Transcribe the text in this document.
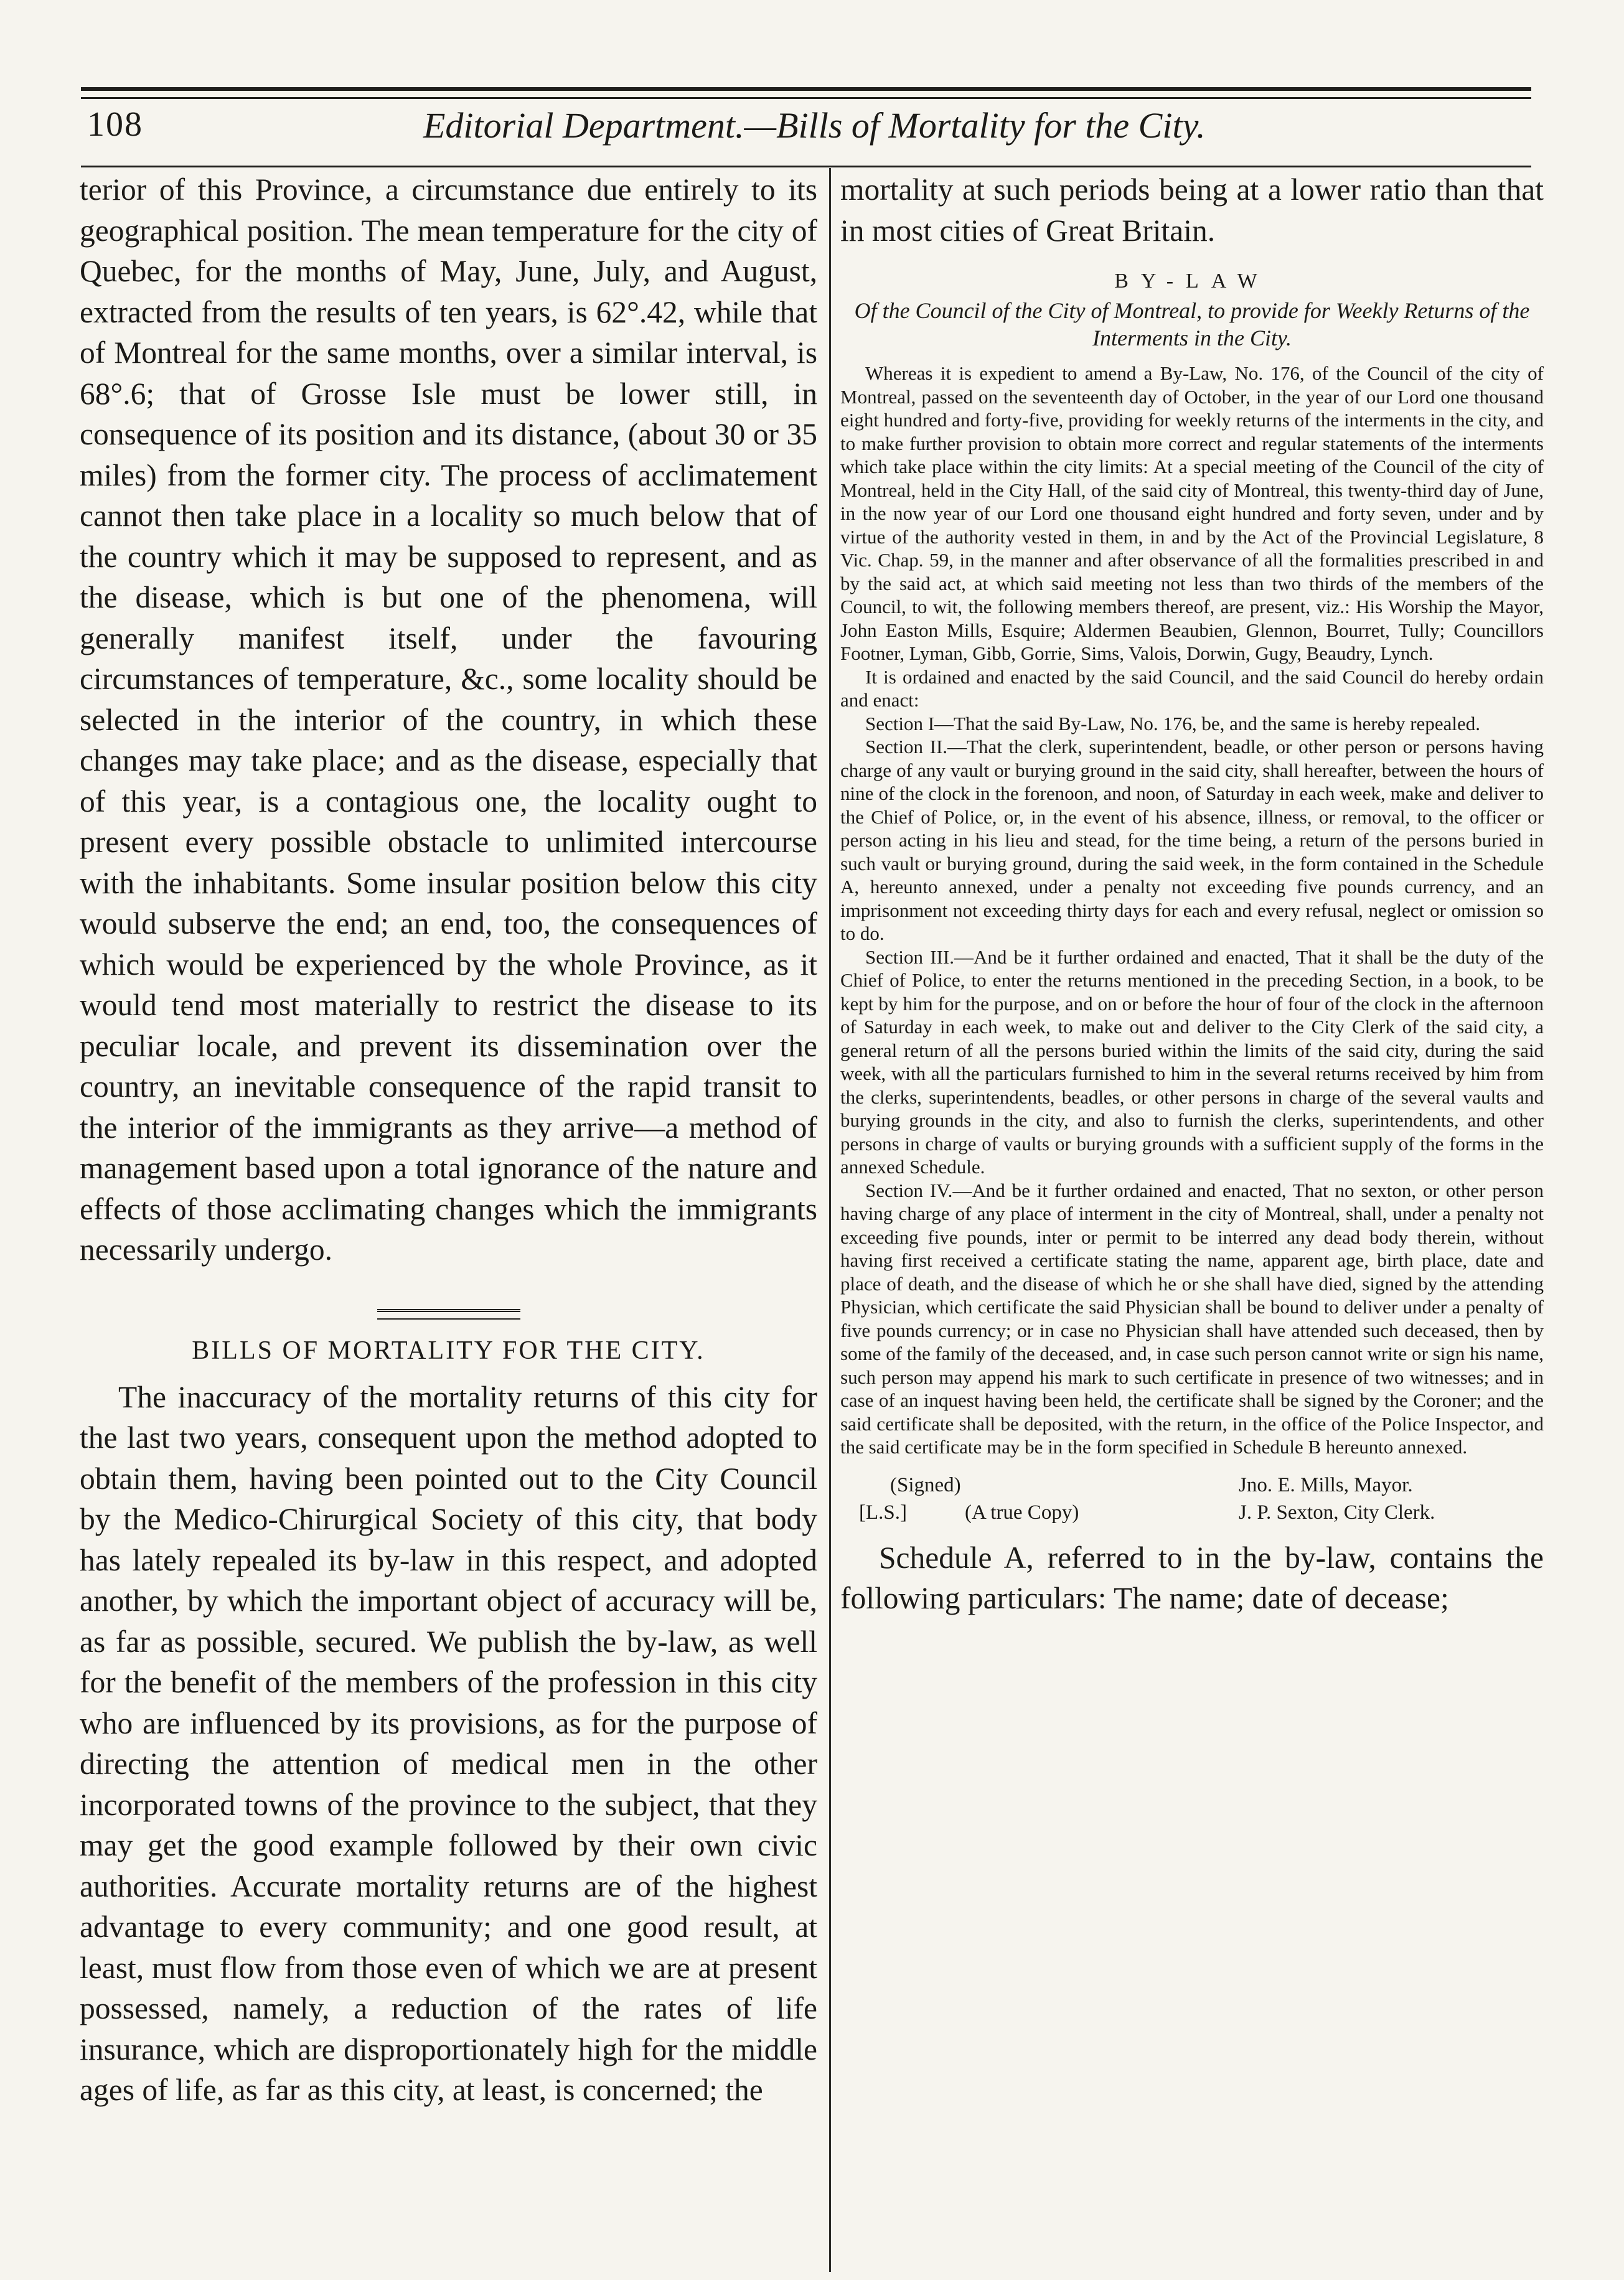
108	Editorial Department.—Bills of Mortality for the City.

terior of this Province, a circumstance due entirely to its geographical position. The mean temperature for the city of Quebec, for the months of May, June, July, and August, extracted from the results of ten years, is 62°.42, while that of Montreal for the same months, over a similar interval, is 68°.6; that of Grosse Isle must be lower still, in consequence of its position and its distance, (about 30 or 35 miles) from the former city. The process of acclimatement cannot then take place in a locality so much below that of the country which it may be supposed to represent, and as the disease, which is but one of the phenomena, will generally manifest itself, under the favouring circumstances of temperature, &c., some locality should be selected in the interior of the country, in which these changes may take place; and as the disease, especially that of this year, is a contagious one, the locality ought to present every possible obstacle to unlimited intercourse with the inhabitants. Some insular position below this city would subserve the end; an end, too, the consequences of which would be experienced by the whole Province, as it would tend most materially to restrict the disease to its peculiar locale, and prevent its dissemination over the country, an inevitable consequence of the rapid transit to the interior of the immigrants as they arrive—a method of management based upon a total ignorance of the nature and effects of those acclimating changes which the immigrants necessarily undergo.

BILLS OF MORTALITY FOR THE CITY.

The inaccuracy of the mortality returns of this city for the last two years, consequent upon the method adopted to obtain them, having been pointed out to the City Council by the Medico-Chirurgical Society of this city, that body has lately repealed its by-law in this respect, and adopted another, by which the important object of accuracy will be, as far as possible, secured. We publish the by-law, as well for the benefit of the members of the profession in this city who are influenced by its provisions, as for the purpose of directing the attention of medical men in the other incorporated towns of the province to the subject, that they may get the good example followed by their own civic authorities. Accurate mortality returns are of the highest advantage to every community; and one good result, at least, must flow from those even of which we are at present possessed, namely, a reduction of the rates of life insurance, which are disproportionately high for the middle ages of life, as far as this city, at least, is concerned; the

mortality at such periods being at a lower ratio than that in most cities of Great Britain.

BY-LAW
Of the Council of the City of Montreal, to provide for Weekly Returns of the Interments in the City.

Whereas it is expedient to amend a By-Law, No. 176, of the Council of the city of Montreal, passed on the seventeenth day of October, in the year of our Lord one thousand eight hundred and forty-five, providing for weekly returns of the interments in the city, and to make further provision to obtain more correct and regular statements of the interments which take place within the city limits: At a special meeting of the Council of the city of Montreal, held in the City Hall, of the said city of Montreal, this twenty-third day of June, in the now year of our Lord one thousand eight hundred and forty seven, under and by virtue of the authority vested in them, in and by the Act of the Provincial Legislature, 8 Vic. Chap. 59, in the manner and after observance of all the formalities prescribed in and by the said act, at which said meeting not less than two thirds of the members of the Council, to wit, the following members thereof, are present, viz.: His Worship the Mayor, John Easton Mills, Esquire; Aldermen Beaubien, Glennon, Bourret, Tully; Councillors Footner, Lyman, Gibb, Gorrie, Sims, Valois, Dorwin, Gugy, Beaudry, Lynch.

It is ordained and enacted by the said Council, and the said Council do hereby ordain and enact:

Section I—That the said By-Law, No. 176, be, and the same is hereby repealed.

Section II.—That the clerk, superintendent, beadle, or other person or persons having charge of any vault or burying ground in the said city, shall hereafter, between the hours of nine of the clock in the forenoon, and noon, of Saturday in each week, make and deliver to the Chief of Police, or, in the event of his absence, illness, or removal, to the officer or person acting in his lieu and stead, for the time being, a return of the persons buried in such vault or burying ground, during the said week, in the form contained in the Schedule A, hereunto annexed, under a penalty not exceeding five pounds currency, and an imprisonment not exceeding thirty days for each and every refusal, neglect or omission so to do.

Section III.—And be it further ordained and enacted, That it shall be the duty of the Chief of Police, to enter the returns mentioned in the preceding Section, in a book, to be kept by him for the purpose, and on or before the hour of four of the clock in the afternoon of Saturday in each week, to make out and deliver to the City Clerk of the said city, a general return of all the persons buried within the limits of the said city, during the said week, with all the particulars furnished to him in the several returns received by him from the clerks, superintendents, beadles, or other persons in charge of the several vaults and burying grounds in the city, and also to furnish the clerks, superintendents, and other persons in charge of vaults or burying grounds with a sufficient supply of the forms in the annexed Schedule.

Section IV.—And be it further ordained and enacted, That no sexton, or other person having charge of any place of interment in the city of Montreal, shall, under a penalty not exceeding five pounds, inter or permit to be interred any dead body therein, without having first received a certificate stating the name, apparent age, birth place, date and place of death, and the disease of which he or she shall have died, signed by the attending Physician, which certificate the said Physician shall be bound to deliver under a penalty of five pounds currency; or in case no Physician shall have attended such deceased, then by some of the family of the deceased, and, in case such person cannot write or sign his name, such person may append his mark to such certificate in presence of two witnesses; and in case of an inquest having been held, the certificate shall be signed by the Coroner; and the said certificate shall be deposited, with the return, in the office of the Police Inspector, and the said certificate may be in the form specified in Schedule B hereunto annexed.

(Signed)	Jno. E. Mills, Mayor.
[L.S.]	(A true Copy)	J. P. Sexton, City Clerk.

Schedule A, referred to in the by-law, contains the following particulars: The name; date of decease;
